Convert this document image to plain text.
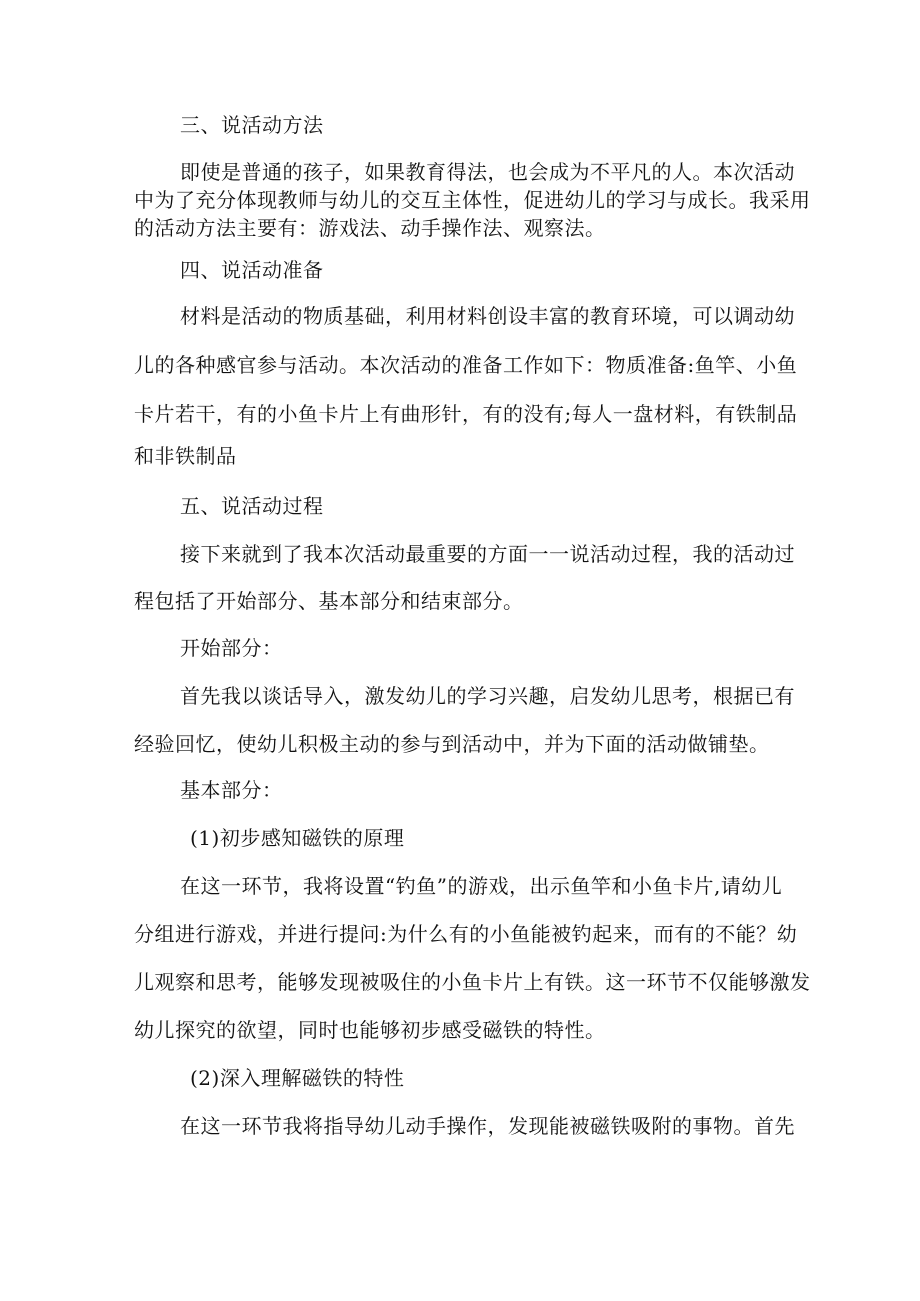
三、说活动方法
即使是普通的孩子，如果教育得法，也会成为不平凡的人。本次活动
中为了充分体现教师与幼儿的交互主体性，促进幼儿的学习与成长。我采用
的活动方法主要有：游戏法、动手操作法、观察法。
四、说活动准备
材料是活动的物质基础，利用材料创设丰富的教育环境，可以调动幼
儿的各种感官参与活动。本次活动的准备工作如下：物质准备:鱼竿、小鱼
卡片若干，有的小鱼卡片上有曲形针，有的没有;每人一盘材料，有铁制品
和非铁制品
五、说活动过程
接下来就到了我本次活动最重要的方面一一说活动过程，我的活动过
程包括了开始部分、基本部分和结束部分。
开始部分：
首先我以谈话导入，激发幼儿的学习兴趣，启发幼儿思考，根据已有
经验回忆，使幼儿积极主动的参与到活动中，并为下面的活动做铺垫。
基本部分：
(1)初步感知磁铁的原理
在这一环节，我将设置“钓鱼”的游戏，出示鱼竿和小鱼卡片,请幼儿
分组进行游戏，并进行提问:为什么有的小鱼能被钓起来，而有的不能？幼
儿观察和思考，能够发现被吸住的小鱼卡片上有铁。这一环节不仅能够激发
幼儿探究的欲望，同时也能够初步感受磁铁的特性。
(2)深入理解磁铁的特性
在这一环节我将指导幼儿动手操作，发现能被磁铁吸附的事物。首先
